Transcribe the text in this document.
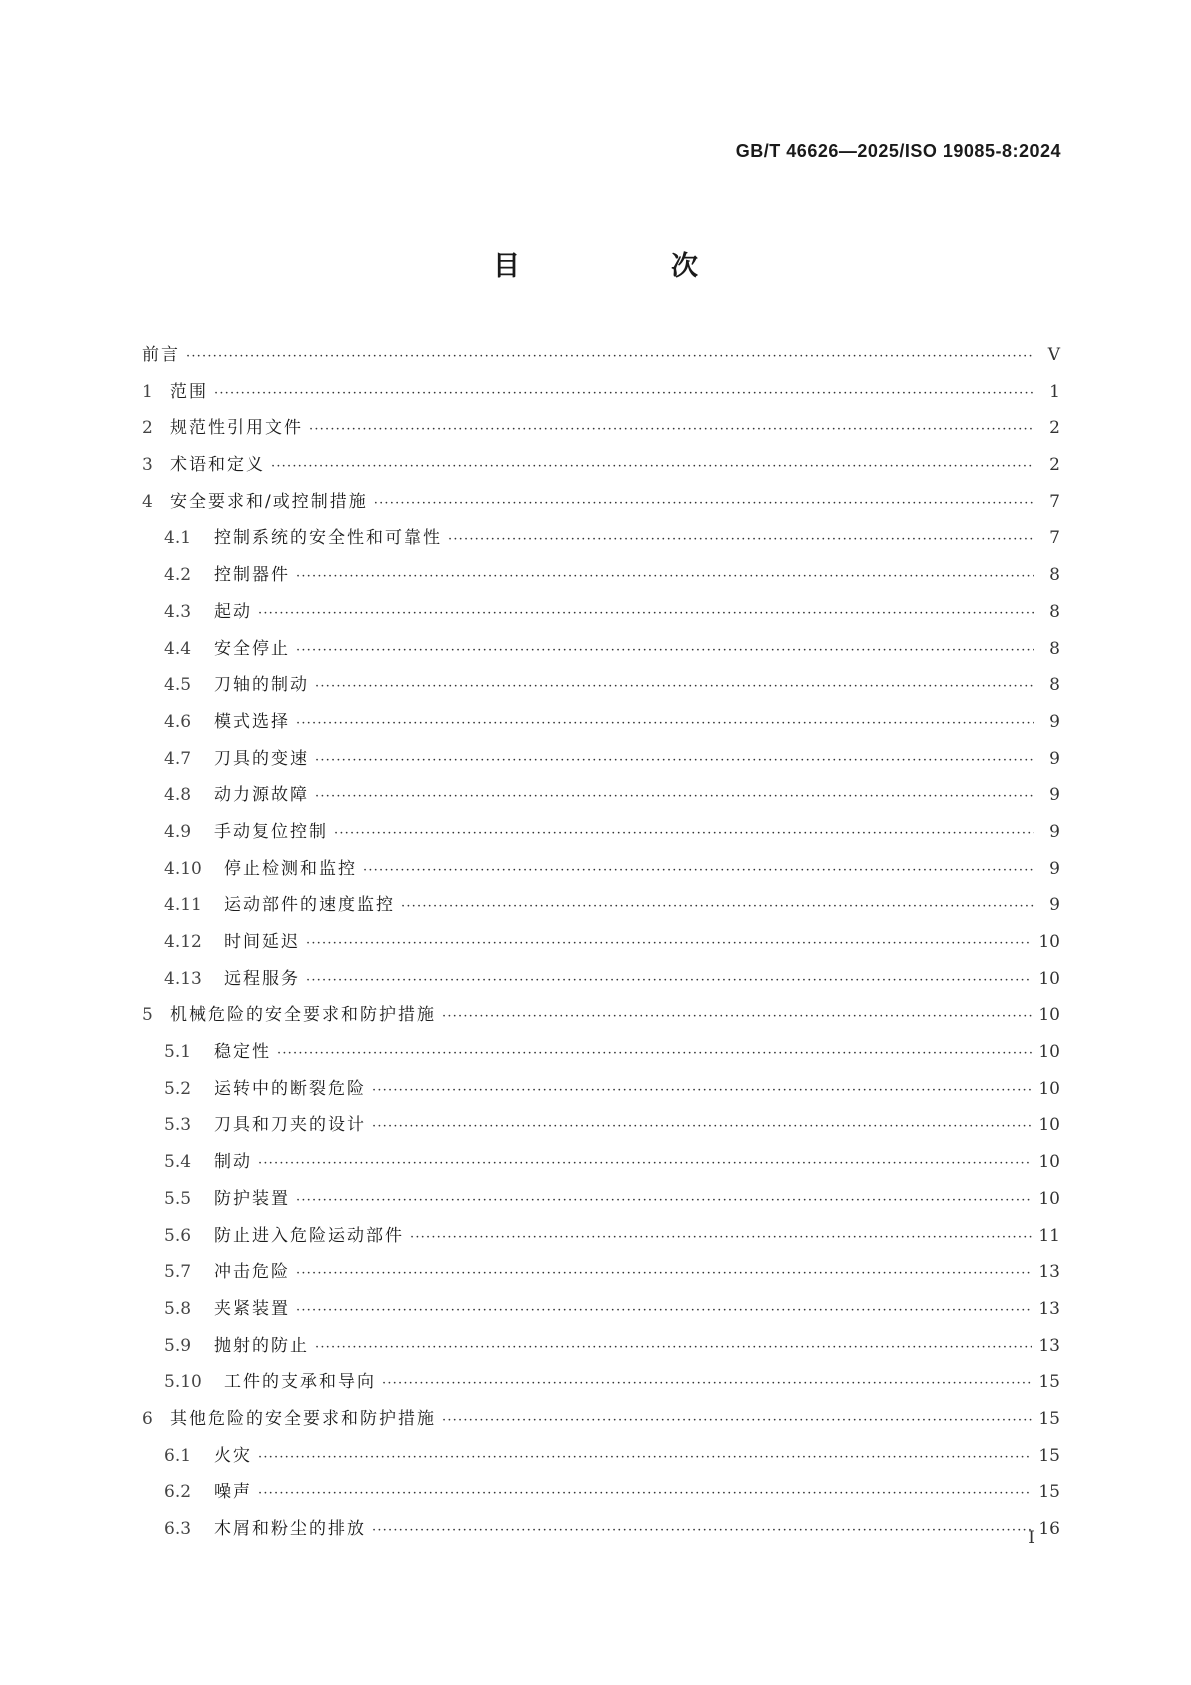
GB/T 46626—2025/ISO 19085-8:2024
目　次
前言 ·····	V
1	范围 ·····	1
2	规范性引用文件 ·····	2
3	术语和定义 ·····	2
4	安全要求和/或控制措施 ·····	7
4.1	控制系统的安全性和可靠性 ·····	7
4.2	控制器件 ·····	8
4.3	起动 ·····	8
4.4	安全停止 ·····	8
4.5	刀轴的制动 ·····	8
4.6	模式选择 ·····	9
4.7	刀具的变速 ·····	9
4.8	动力源故障 ·····	9
4.9	手动复位控制 ·····	9
4.10	停止检测和监控 ·····	9
4.11	运动部件的速度监控 ·····	9
4.12	时间延迟 ·····	10
4.13	远程服务 ·····	10
5	机械危险的安全要求和防护措施 ·····	10
5.1	稳定性 ·····	10
5.2	运转中的断裂危险 ·····	10
5.3	刀具和刀夹的设计 ·····	10
5.4	制动 ·····	10
5.5	防护装置 ·····	10
5.6	防止进入危险运动部件 ·····	11
5.7	冲击危险 ·····	13
5.8	夹紧装置 ·····	13
5.9	抛射的防止 ·····	13
5.10	工件的支承和导向 ·····	15
6	其他危险的安全要求和防护措施 ·····	15
6.1	火灾 ·····	15
6.2	噪声 ·····	15
6.3	木屑和粉尘的排放 ·····	16
I
